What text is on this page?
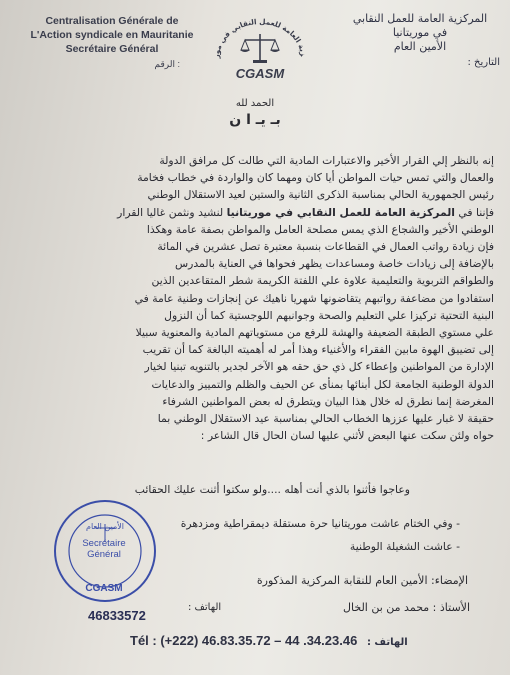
Centralisation Générale de
L'Action syndicale en Mauritanie
Secrétaire Général
الرقم :
زية العامة للعمل النقابي في مور
CGASM
المركزية العامة للعمل النقابي
في موريتانيا
الأمين العام
التاريخ :
الحمد لله
بـ يـ ا ن
إنه بالنظر إلي القرار الأخير والاعتبارات المادية التي طالت كل مرافق الدولة
والعمال والتي تمس حيات المواطن أيا كان ومهما كان والواردة في خطاب فخامة
رئيس الجمهورية الحالي بمناسبة الذكرى الثانية والستين لعيد الاستقلال الوطني
فإننا في المركزية العامة للعمل النقابي في موريتانيا لنشيد ونثمن غاليا القرار
الوطني الأخير والشجاع الذي يمس مصلحة العامل والمواطن بصفة عامة وهكذا
فإن زيادة رواتب العمال في القطاعات بنسبة معتبرة تصل عشرين في المائة
بالإضافة إلى زيادات خاصة ومساعدات يظهر فحواها في العناية بالمدرس
والطواقم التربوية والتعليمية علاوة علي اللفتة الكريمة شطر المتقاعدين الذين
استفادوا من مضاعفة رواتبهم يتقاضونها شهريا ناهيك عن إنجازات وطنية عامة في
البنية التحتية تركيزا علي التعليم والصحة وجوانبهم اللوجستية كما أن النزول
علي مستوي الطبقة الضعيفة والهشة للرفع من مستوياتهم المادية والمعنوية سبيلا
إلى تضييق الهوة مابين الفقراء والأغنياء وهذا أمر له أهميته البالغة كما أن تقريب
الإدارة من المواطنين وإعطاء كل ذي حق حقه هو الآخر لجدير بالتنويه تبنيا لخيار
الدولة الوطنية الجامعة لكل أبنائها بمنأى عن الحيف والظلم والتمييز والدعايات
المغرضة إنما نطرق له خلال هذا البيان ويتطرق له بعض المواطنين الشرفاء
حقيقة لا غبار عليها عززها الخطاب الحالي بمناسبة عيد الاستقلال الوطني بما
حواه ولئن سكت عنها البعض لأثني عليها لسان الحال قال الشاعر :
وعاجوا فأثنوا بالذي أنت أهله ....ولو سكتوا أثنت عليك الحقائب
- وفي الختام عاشت موريتانيا حرة مستقلة ديمقراطية ومزدهرة
- عاشت الشغيلة الوطنية
الأمين العام
Secrétaire
Général
CGASM
الإمضاء: الأمين العام للنقابة المركزية المذكورة
الأستاذ : محمد من بن الخال
الهاتف :
46833572
Tél : (+222) 46.83.35.72 – 44 .34.23.46 : الهاتف
